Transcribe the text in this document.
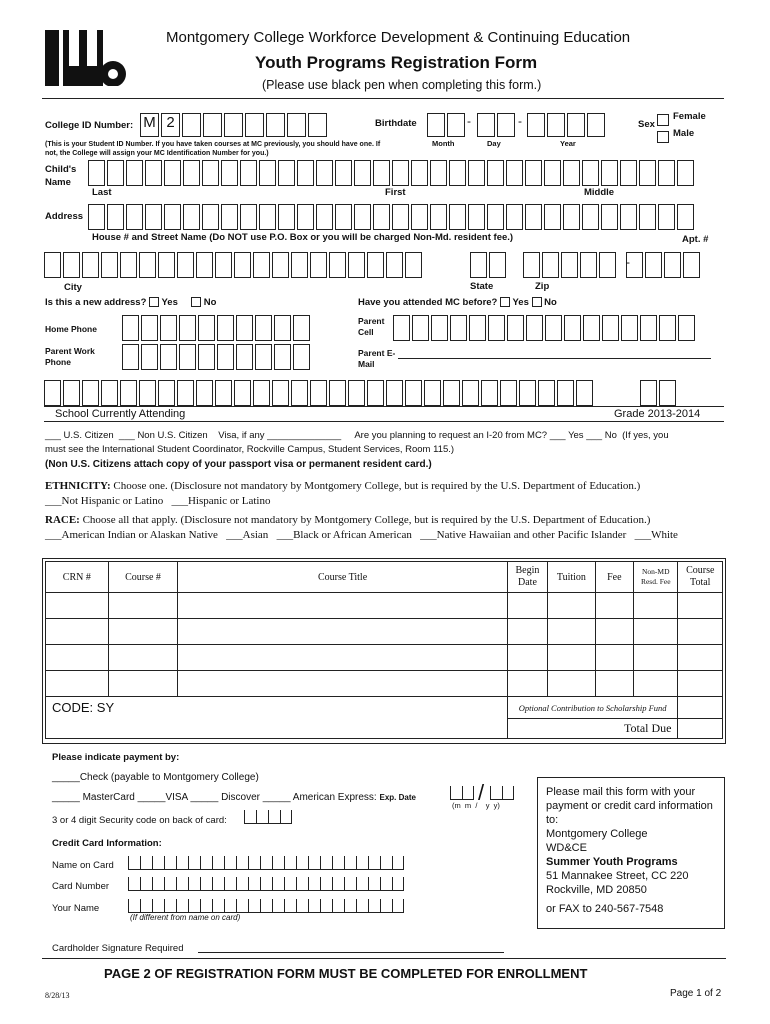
Montgomery College Workforce Development & Continuing Education
Youth Programs Registration Form
(Please use black pen when completing this form.)
College ID Number: M 2
(This is your Student ID Number. If you have taken courses at MC previously, you should have one. If not, the College will assign your MC Identification Number for you.)
Birthdate	-	-
Month	Day	Year
Sex
Female
Male
Child's Name
Last	First	Middle
Address
House # and Street Name (Do NOT use P.O. Box or you will be charged Non-Md. resident fee.)	Apt. #
-
City	State	Zip
Is this a new address? Yes	No	Have you attended MC before? Yes No
Home Phone
Parent Cell
Parent Work Phone
Parent E-Mail
School Currently Attending	Grade 2013-2014
___ U.S. Citizen  ___ Non U.S. Citizen Visa, if any ______________     Are you planning to request an I-20 from MC? ___ Yes ___ No (If yes, you
must see the International Student Coordinator, Rockville Campus, Student Services, Room 115.)
(Non U.S. Citizens attach copy of your passport visa or permanent resident card.)
ETHNICITY: Choose one. (Disclosure not mandatory by Montgomery College, but is required by the U.S. Department of Education.)
___Not Hispanic or Latino   ___Hispanic or Latino
RACE: Choose all that apply. (Disclosure not mandatory by Montgomery College, but is required by the U.S. Department of Education.)
___American Indian or Alaskan Native   ___Asian   ___Black or African American   ___Native Hawaiian and other Pacific Islander   ___White
CRN #	Course #	Course Title	Begin Date	Tuition	Fee	Non-MD Resd. Fee	Course Total

CODE: SY			Optional Contribution to Scholarship Fund				
			Total Due				
Please indicate payment by:
_____Check (payable to Montgomery College)
_____ MasterCard _____VISA _____ Discover _____ American Express: Exp. Date	/
(m  m  /    y  y)
3 or 4 digit Security code on back of card:
Credit Card Information:
Name on Card
Card Number
Your Name
(If different from name on card)
Cardholder Signature Required
Please mail this form with your
payment or credit card information
to:
Montgomery College
WD&CE
Summer Youth Programs
51 Mannakee Street, CC 220
Rockville, MD 20850
or FAX to 240-567-7548
PAGE 2 OF REGISTRATION FORM MUST BE COMPLETED FOR ENROLLMENT
8/28/13	Page 1 of 2
